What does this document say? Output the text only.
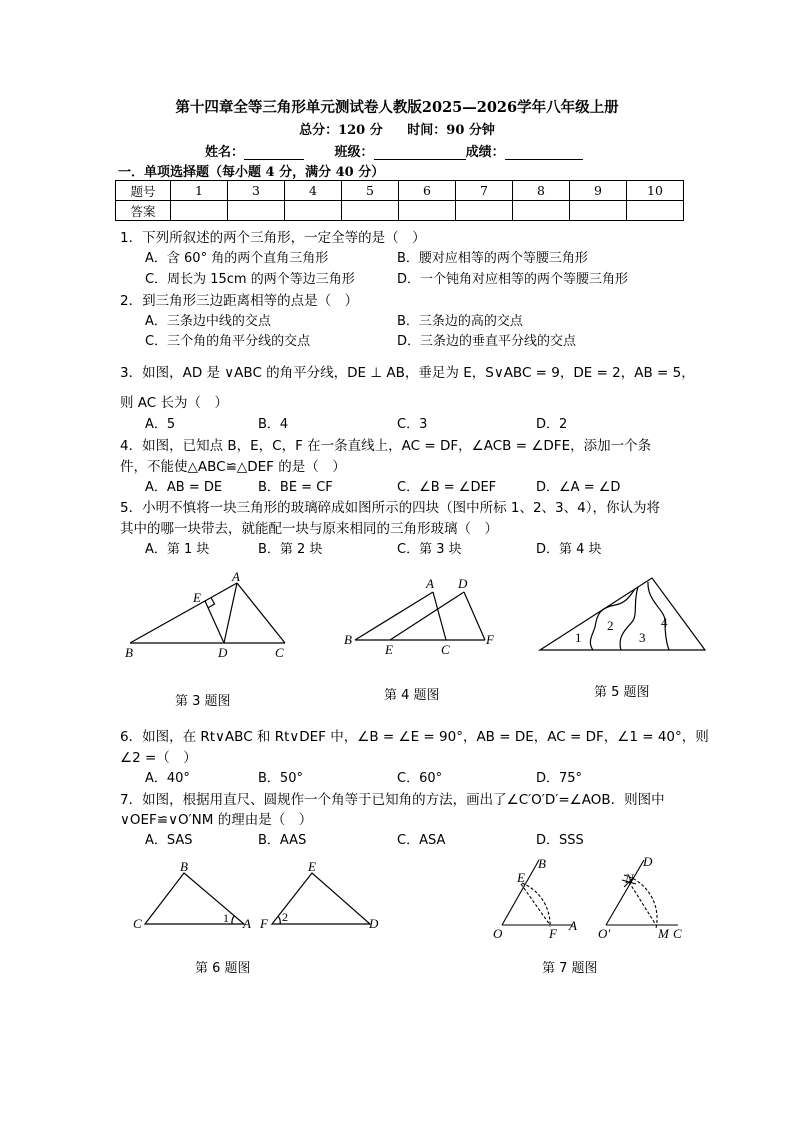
第十四章全等三角形单元测试卷人教版2025—2026学年八年级上册
总分：120 分 时间：90 分钟
姓名：	班级：	成绩：
一．单项选择题（每小题 4 分，满分 40 分）
题号	1	3	4	5	6	7	8	9	10
答案									
1．下列所叙述的两个三角形，一定全等的是（　）
A．含 60° 角的两个直角三角形	B．腰对应相等的两个等腰三角形
C．周长为 15cm 的两个等边三角形	D．一个钝角对应相等的两个等腰三角形
2．到三角形三边距离相等的点是（　）
A．三条边中线的交点	B．三条边的高的交点
C．三个角的角平分线的交点	D．三条边的垂直平分线的交点
3．如图，AD 是 ∨ABC 的角平分线，DE ⊥ AB，垂足为 E，S∨ABC = 9，DE = 2，AB = 5，
则 AC 长为（　）
A．5	B．4	C．3	D．2
4．如图，已知点 B，E，C，F 在一条直线上，AC = DF，∠ACB = ∠DFE，添加一个条
件，不能使△ABC≌△DEF 的是（　）
A．AB = DE	B．BE = CF	C．∠B = ∠DEF	D．∠A = ∠D
5．小明不慎将一块三角形的玻璃碎成如图所示的四块（图中所标 1、2、3、4），你认为将
其中的哪一块带去，就能配一块与原来相同的三角形玻璃（　）
A．第 1 块	B．第 2 块	C．第 3 块	D．第 4 块
A
B	C
D
E
第 3 题图
A D
B
E	C
F
第 4 题图
1
2
3
4
第 5 题图
6．如图，在 Rt∨ABC 和 Rt∨DEF 中，∠B = ∠E = 90°，AB = DE，AC = DF，∠1 = 40°，则
∠2 =（　）
A．40°	B．50°	C．60°	D．75°
7．如图，根据用直尺、圆规作一个角等于已知角的方法，画出了∠C′O′D′=∠AOB．则图中
∨OEF≌∨O′NM 的理由是（　）
A．SAS	B．AAS	C．ASA	D．SSS
B
C	A
1
E
F	D
2
第 6 题图
B
E
O	F
A
D
N
O′	M C
第 7 题图
